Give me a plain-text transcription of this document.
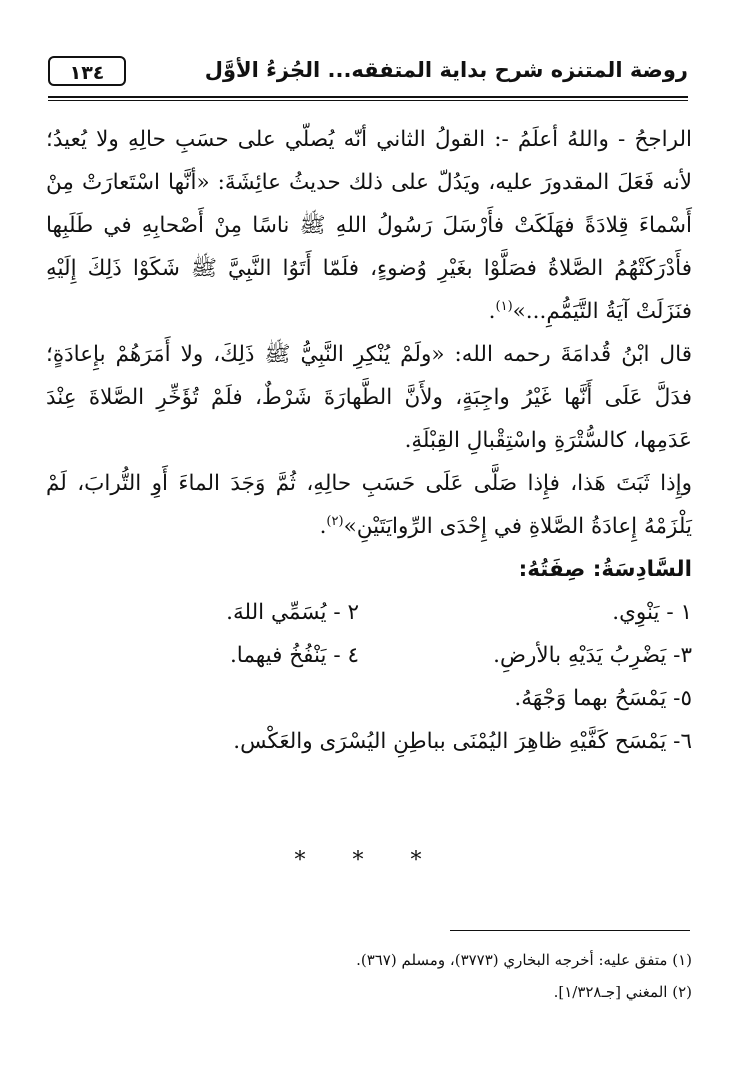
روضة المتنزه شرح بداية المتفقه... الجُزءُ الأوَّل
١٣٤

الراجحُ - واللهُ أعلَمُ -: القولُ الثاني أنّه يُصلّي على حسَبِ حالِهِ ولا يُعيدُ؛ لأنه فَعَلَ المقدورَ عليه، ويَدُلّ على ذلك حديثُ عائِشَةَ: «أنَّها اسْتَعارَتْ مِنْ أَسْماءَ قِلادَةً فهَلَكَتْ فأَرْسَلَ رَسُولُ اللهِ ﷺ ناسًا مِنْ أَصْحابِهِ في طَلَبِها فأَدْرَكَتْهُمُ الصَّلاةُ فصَلَّوْا بغَيْرِ وُضوءٍ، فلَمّا أَتَوُا النَّبِيَّ ﷺ شَكَوْا ذَلِكَ إِلَيْهِ فنَزَلَتْ آيَةُ التَّيَمُّمِ...»$^{(١)}$.

قال ابْنُ قُدامَةَ رحمه الله: «ولَمْ يُنْكِرِ النَّبِيُّ ﷺ ذَلِكَ، ولا أَمَرَهُمْ بإِعادَةٍ؛ فدَلَّ عَلَى أَنَّها غَيْرُ واجِبَةٍ، ولأَنَّ الطَّهارَةَ شَرْطٌ، فلَمْ تُؤَخِّرِ الصَّلاةَ عِنْدَ عَدَمِها، كالسُّتْرَةِ واسْتِقْبالِ القِبْلَةِ.

وإِذا ثَبَتَ هَذا، فإِذا صَلَّى عَلَى حَسَبِ حالِهِ، ثُمَّ وَجَدَ الماءَ أَوِ التُّرابَ، لَمْ يَلْزَمْهُ إِعادَةُ الصَّلاةِ في إِحْدَى الرِّوايَتَيْنِ»$^{(٢)}$.

السَّادِسَةُ: صِفَتُهُ:

١ - يَنْوِي.

٢ - يُسَمِّي اللهَ.

٣- يَضْرِبُ يَدَيْهِ بالأرضِ.

٤ - يَنْفُخُ فيهما.

٥- يَمْسَحُ بهما وَجْهَهُ.

٦- يَمْسَح كَفَّيْهِ ظاهِرَ اليُمْنَى بباطِنِ اليُسْرَى والعَكْس.

* * *

(١) متفق عليه: أخرجه البخاري (٣٧٧٣)، ومسلم (٣٦٧).

(٢) المغني [جـ١/٣٢٨].
